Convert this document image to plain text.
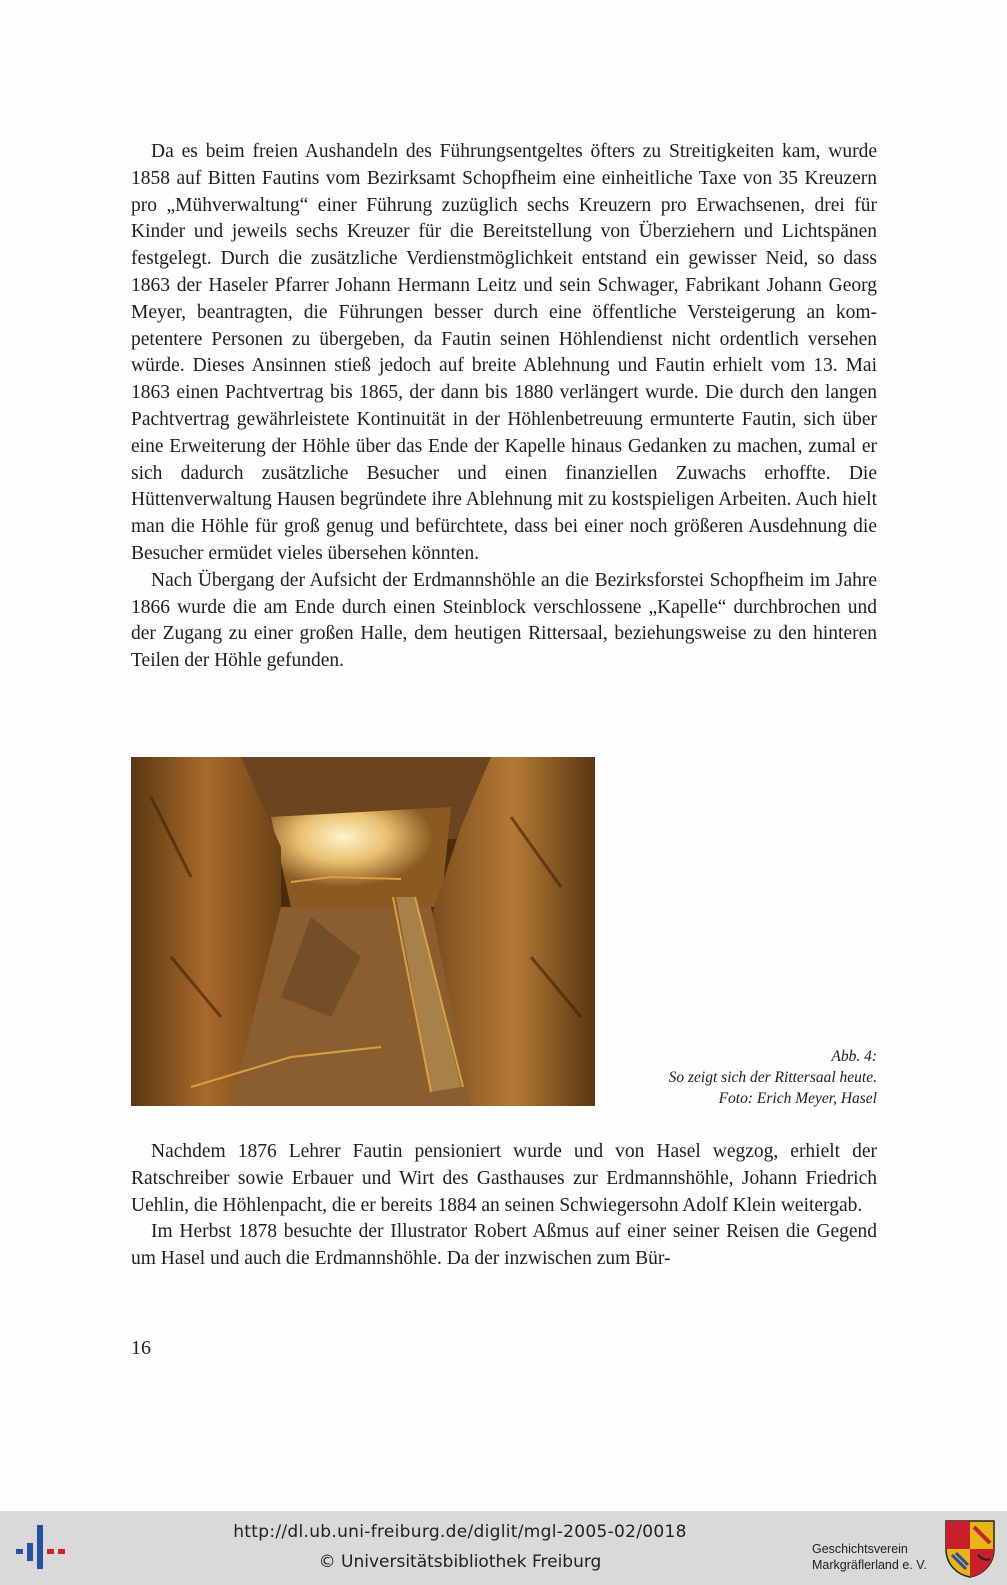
Da es beim freien Aushandeln des Führungsentgeltes öfters zu Streitigkeiten kam, wurde 1858 auf Bitten Fautins vom Bezirksamt Schopfheim eine einheitliche Taxe von 35 Kreuzern pro „Mühverwaltung“ einer Führung zuzüglich sechs Kreuzern pro Erwachsenen, drei für Kinder und jeweils sechs Kreuzer für die Bereitstellung von Überziehern und Lichtspänen festgelegt. Durch die zusätzliche Verdienstmöglichkeit entstand ein gewisser Neid, so dass 1863 der Haseler Pfarrer Johann Hermann Leitz und sein Schwager, Fabrikant Johann Georg Meyer, beantragten, die Führungen besser durch eine öffentliche Versteigerung an kompetentere Personen zu übergeben, da Fautin seinen Höhlendienst nicht ordentlich versehen würde. Dieses Ansinnen stieß jedoch auf breite Ablehnung und Fautin erhielt vom 13. Mai 1863 einen Pachtvertrag bis 1865, der dann bis 1880 verlängert wurde. Die durch den langen Pachtvertrag gewährleistete Kontinuität in der Höhlenbetreuung ermunterte Fautin, sich über eine Erweiterung der Höhle über das Ende der Kapelle hinaus Gedanken zu machen, zumal er sich dadurch zusätzliche Besucher und einen finanziellen Zuwachs erhoffte. Die Hüttenverwaltung Hausen begründete ihre Ablehnung mit zu kostspieligen Arbeiten. Auch hielt man die Höhle für groß genug und befürchtete, dass bei einer noch größeren Ausdehnung die Besucher ermüdet vieles übersehen könnten.

Nach Übergang der Aufsicht der Erdmannshöhle an die Bezirksforstei Schopfheim im Jahre 1866 wurde die am Ende durch einen Steinblock verschlossene „Kapelle“ durchbrochen und der Zugang zu einer großen Halle, dem heutigen Rittersaal, beziehungsweise zu den hinteren Teilen der Höhle gefunden.

Abb. 4:
So zeigt sich der Rittersaal heute.
Foto: Erich Meyer, Hasel

Nachdem 1876 Lehrer Fautin pensioniert wurde und von Hasel wegzog, erhielt der Ratschreiber sowie Erbauer und Wirt des Gasthauses zur Erdmannshöhle, Johann Friedrich Uehlin, die Höhlenpacht, die er bereits 1884 an seinen Schwiegersohn Adolf Klein weitergab.

Im Herbst 1878 besuchte der Illustrator Robert Aßmus auf einer seiner Reisen die Gegend um Hasel und auch die Erdmannshöhle. Da der inzwischen zum Bür-

16
http://dl.ub.uni-freiburg.de/diglit/mgl-2005-02/0018
© Universitätsbibliothek Freiburg
Geschichtsverein
Markgräflerland e. V.
